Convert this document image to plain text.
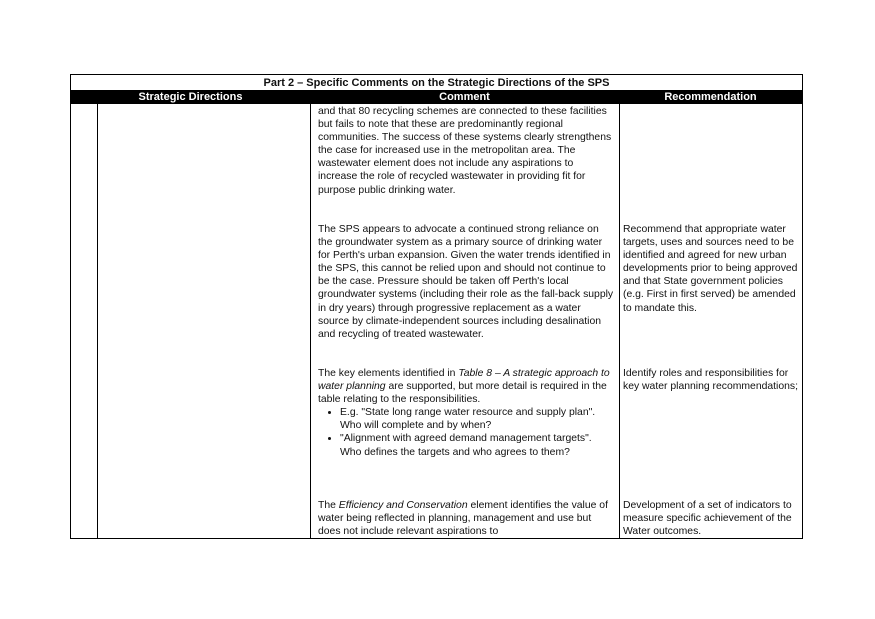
Part 2 – Specific Comments on the Strategic Directions of the SPS
Strategic Directions	Comment	Recommendation

and that 80 recycling schemes are connected to these facilities but fails to note that these are predominantly regional communities. The success of these systems clearly strengthens the case for increased use in the metropolitan area. The wastewater element does not include any aspirations to increase the role of recycled wastewater in providing fit for purpose public drinking water.

The SPS appears to advocate a continued strong reliance on the groundwater system as a primary source of drinking water for Perth's urban expansion. Given the water trends identified in the SPS, this cannot be relied upon and should not continue to be the case. Pressure should be taken off Perth's local groundwater systems (including their role as the fall-back supply in dry years) through progressive replacement as a water source by climate-independent sources including desalination and recycling of treated wastewater.

The key elements identified in Table 8 – A strategic approach to water planning are supported, but more detail is required in the table relating to the responsibilities.

• E.g. "State long range water resource and supply plan". Who will complete and by when?
• "Alignment with agreed demand management targets". Who defines the targets and who agrees to them?

The Efficiency and Conservation element identifies the value of water being reflected in planning, management and use but does not include relevant aspirations to

Recommend that appropriate water targets, uses and sources need to be identified and agreed for new urban developments prior to being approved and that State government policies (e.g. First in first served) be amended to mandate this.
Identify roles and responsibilities for key water planning recommendations;
Development of a set of indicators to measure specific achievement of the Water outcomes.
